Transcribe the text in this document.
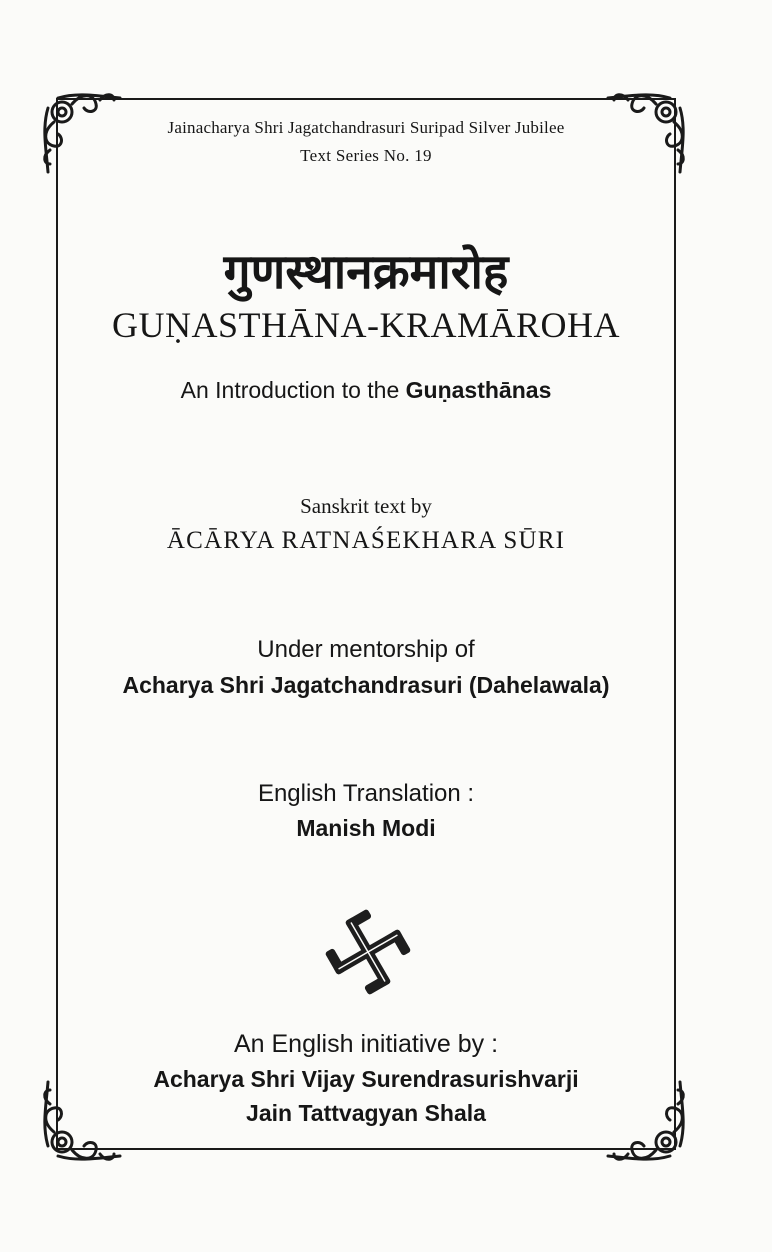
Jainacharya Shri Jagatchandrasuri Suripad Silver Jubilee
Text Series No. 19
गुणस्थानक्रमारोह
GUṆASTHĀNA-KRAMĀROHA
An Introduction to the Guṇasthānas
Sanskrit text by
ĀCĀRYA RATNAŚEKHARA SŪRI
Under mentorship of
Acharya Shri Jagatchandrasuri (Dahelawala)
English Translation :
Manish Modi
An English initiative by :
Acharya Shri Vijay Surendrasurishvarji
Jain Tattvagyan Shala
